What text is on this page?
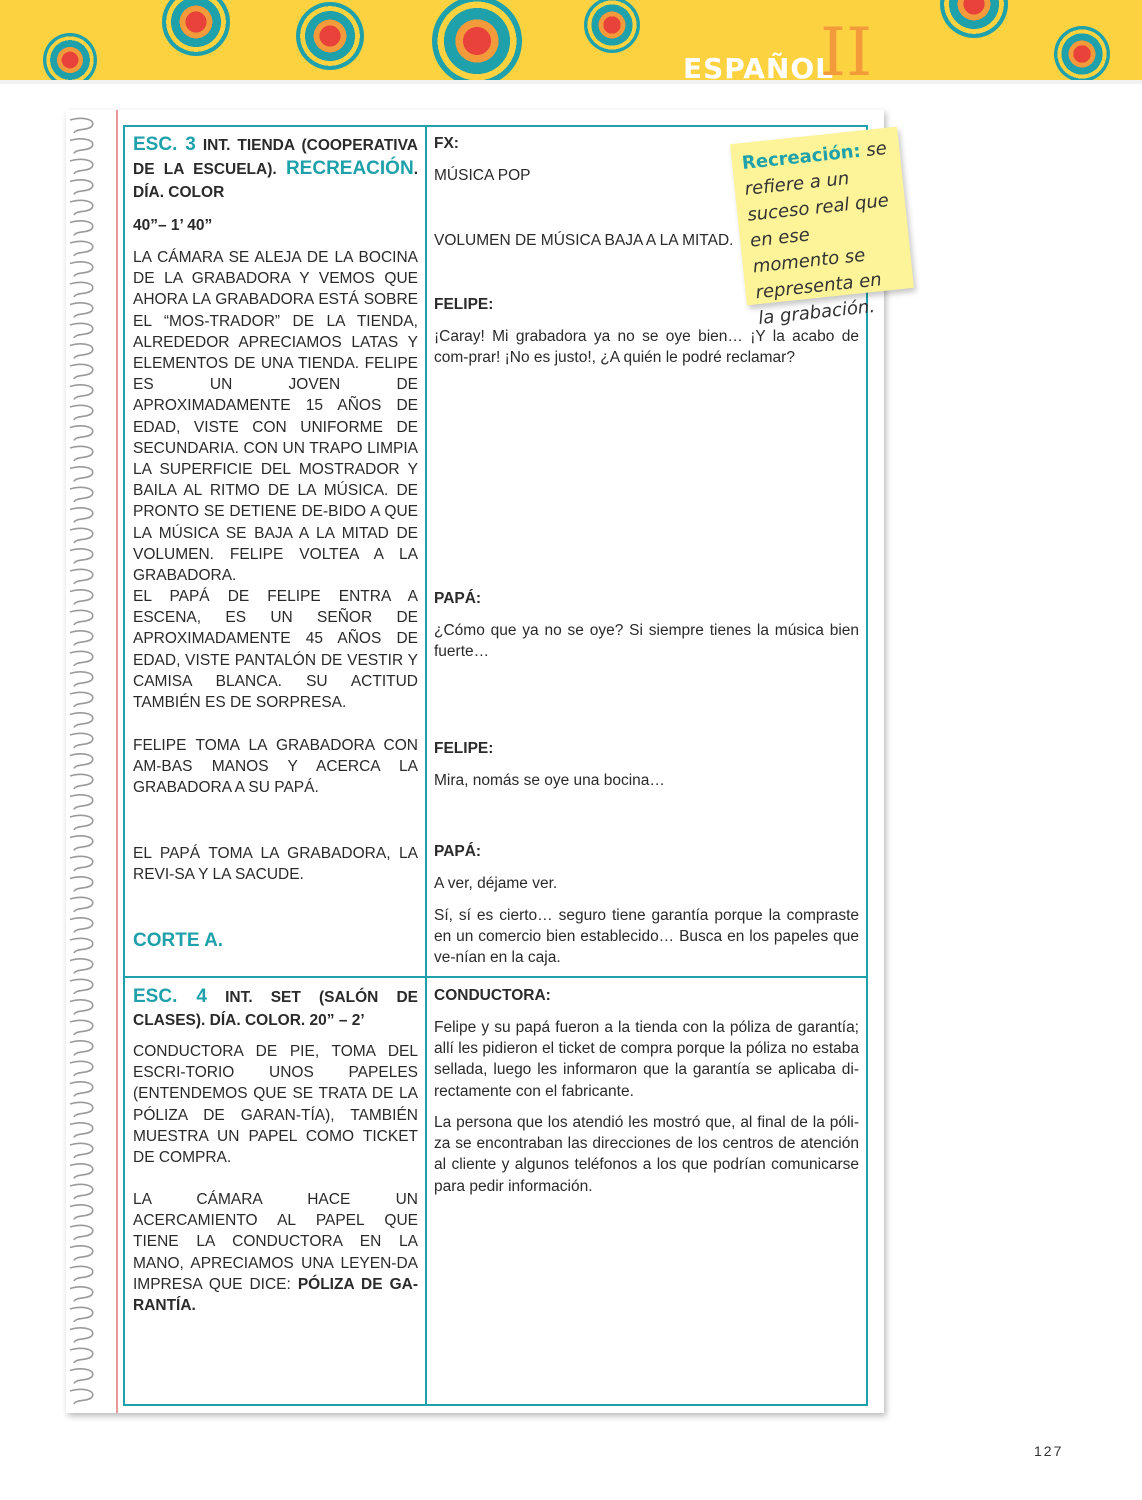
ESPAÑOL
II
ESC. 3 INT. TIENDA (COOPERATIVA DE LA ESCUELA). RECREACIÓN. DÍA. COLOR
40”– 1’ 40”
LA CÁMARA SE ALEJA DE LA BOCINA DE LA GRABADORA Y VEMOS QUE AHORA LA GRABADORA ESTÁ SOBRE EL “MOS-TRADOR” DE LA TIENDA, ALREDEDOR APRECIAMOS LATAS Y ELEMENTOS DE UNA TIENDA. FELIPE ES UN JOVEN DE APROXIMADAMENTE 15 AÑOS DE EDAD, VISTE CON UNIFORME DE SECUNDARIA. CON UN TRAPO LIMPIA LA SUPERFICIE DEL MOSTRADOR Y BAILA AL RITMO DE LA MÚSICA. DE PRONTO SE DETIENE DE-BIDO A QUE LA MÚSICA SE BAJA A LA MITAD DE VOLUMEN. FELIPE VOLTEA A LA GRABADORA.
EL PAPÁ DE FELIPE ENTRA A ESCENA, ES UN SEÑOR DE APROXIMADAMENTE 45 AÑOS DE EDAD, VISTE PANTALÓN DE VESTIR Y CAMISA BLANCA. SU ACTITUD TAMBIÉN ES DE SORPRESA.
FELIPE TOMA LA GRABADORA CON AM-BAS MANOS Y ACERCA LA GRABADORA A SU PAPÁ.
EL PAPÁ TOMA LA GRABADORA, LA REVI-SA Y LA SACUDE.
CORTE A.
FX:
MÚSICA POP
VOLUMEN DE MÚSICA BAJA A LA MITAD.
FELIPE:
¡Caray! Mi grabadora ya no se oye bien… ¡Y la acabo de com-prar! ¡No es justo!, ¿A quién le podré reclamar?
PAPÁ:
¿Cómo que ya no se oye? Si siempre tienes la música bien fuerte…
FELIPE:
Mira, nomás se oye una bocina…
PAPÁ:
A ver, déjame ver.
Sí, sí es cierto… seguro tiene garantía porque la compraste en un comercio bien establecido… Busca en los papeles que ve-nían en la caja.
ESC. 4 INT. SET (SALÓN DE CLASES). DÍA. COLOR. 20” – 2’
CONDUCTORA DE PIE, TOMA DEL ESCRI-TORIO UNOS PAPELES (ENTENDEMOS QUE SE TRATA DE LA PÓLIZA DE GARAN-TÍA), TAMBIÉN MUESTRA UN PAPEL COMO TICKET DE COMPRA.
LA CÁMARA HACE UN ACERCAMIENTO AL PAPEL QUE TIENE LA CONDUCTORA EN LA MANO, APRECIAMOS UNA LEYEN-DA IMPRESA QUE DICE: PÓLIZA DE GA-RANTÍA.
CONDUCTORA:
Felipe y su papá fueron a la tienda con la póliza de garantía; allí les pidieron el ticket de compra porque la póliza no estaba sellada, luego les informaron que la garantía se aplicaba di-rectamente con el fabricante.
La persona que los atendió les mostró que, al final de la póli-za se encontraban las direcciones de los centros de atención al cliente y algunos teléfonos a los que podrían comunicarse para pedir información.
Recreación: se refiere a un suceso real que en ese momento se representa en la grabación.
127
